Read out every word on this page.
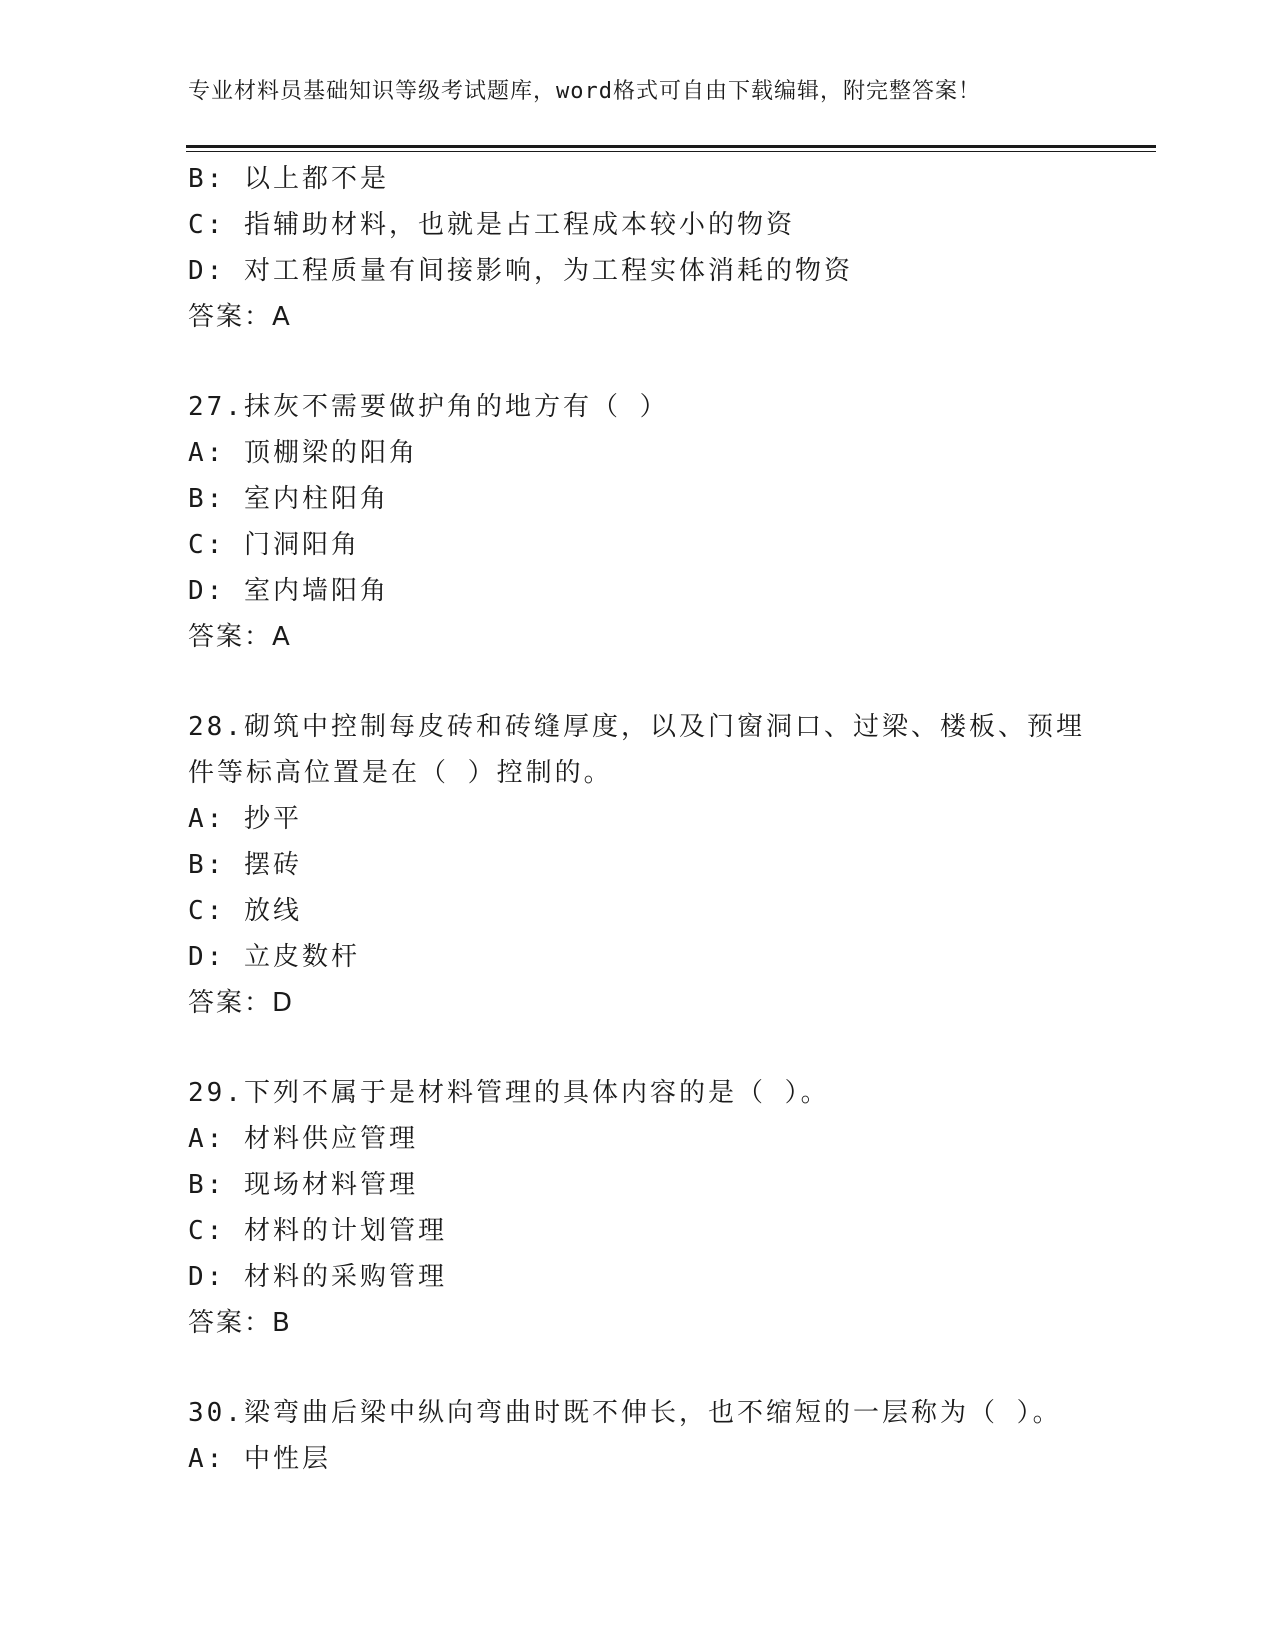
专业材料员基础知识等级考试题库，word格式可自由下载编辑，附完整答案！
B: 以上都不是
C: 指辅助材料，也就是占工程成本较小的物资
D: 对工程质量有间接影响，为工程实体消耗的物资
答案：A
27.抹灰不需要做护角的地方有（ ）
A: 顶棚梁的阳角
B: 室内柱阳角
C: 门洞阳角
D: 室内墙阳角
答案：A
28.砌筑中控制每皮砖和砖缝厚度，以及门窗洞口、过梁、楼板、预埋
件等标高位置是在（ ）控制的。
A: 抄平
B: 摆砖
C: 放线
D: 立皮数杆
答案：D
29.下列不属于是材料管理的具体内容的是（ ）。
A: 材料供应管理
B: 现场材料管理
C: 材料的计划管理
D: 材料的采购管理
答案：B
30.梁弯曲后梁中纵向弯曲时既不伸长，也不缩短的一层称为（ ）。
A: 中性层
